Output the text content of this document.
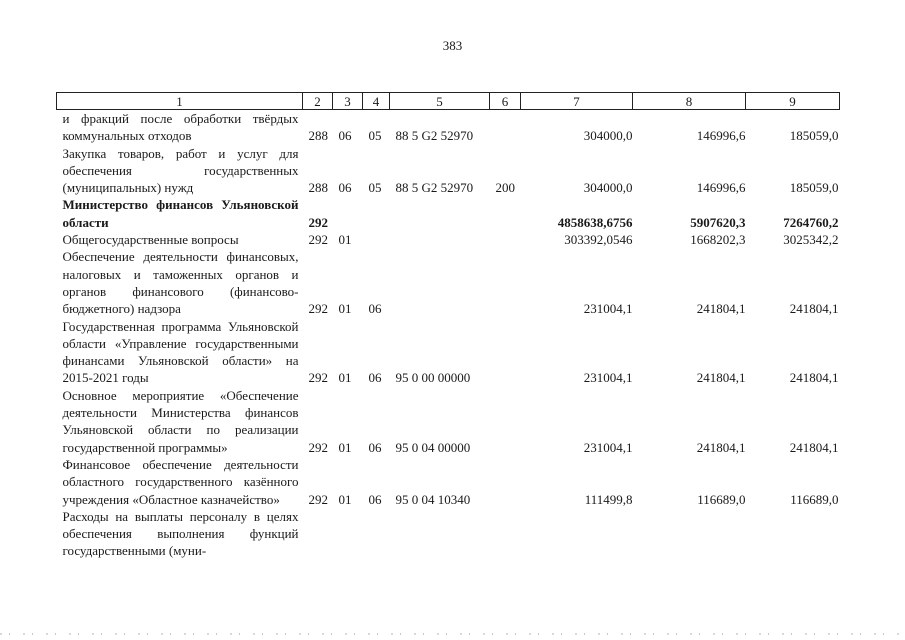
383
1	2	3	4	5	6	7	8	9
и фракций после обработки твёрдых коммунальных отходов	288	06	05	88 5 G2 52970		304000,0	146996,6	185059,0
Закупка товаров, работ и услуг для обеспечения государственных (муниципальных) нужд	288	06	05	88 5 G2 52970	200	304000,0	146996,6	185059,0
Министерство финансов Ульяновской области	292					4858638,6756	5907620,3	7264760,2
Общегосударственные вопросы	292	01				303392,0546	1668202,3	3025342,2
Обеспечение деятельности финансовых, налоговых и таможенных органов и органов финансового (финансово-бюджетного) надзора	292	01	06			231004,1	241804,1	241804,1
Государственная программа Ульяновской области «Управление государственными финансами Ульяновской области» на 2015-2021 годы	292	01	06	95 0 00 00000		231004,1	241804,1	241804,1
Основное мероприятие «Обеспечение деятельности Министерства финансов Ульяновской области по реализации государственной программы»	292	01	06	95 0 04 00000		231004,1	241804,1	241804,1
Финансовое обеспечение деятельности областного государственного казённого учреждения «Областное казначейство»	292	01	06	95 0 04 10340		111499,8	116689,0	116689,0
Расходы на выплаты персоналу в целях обеспечения выполнения функций государственными (муни-								
